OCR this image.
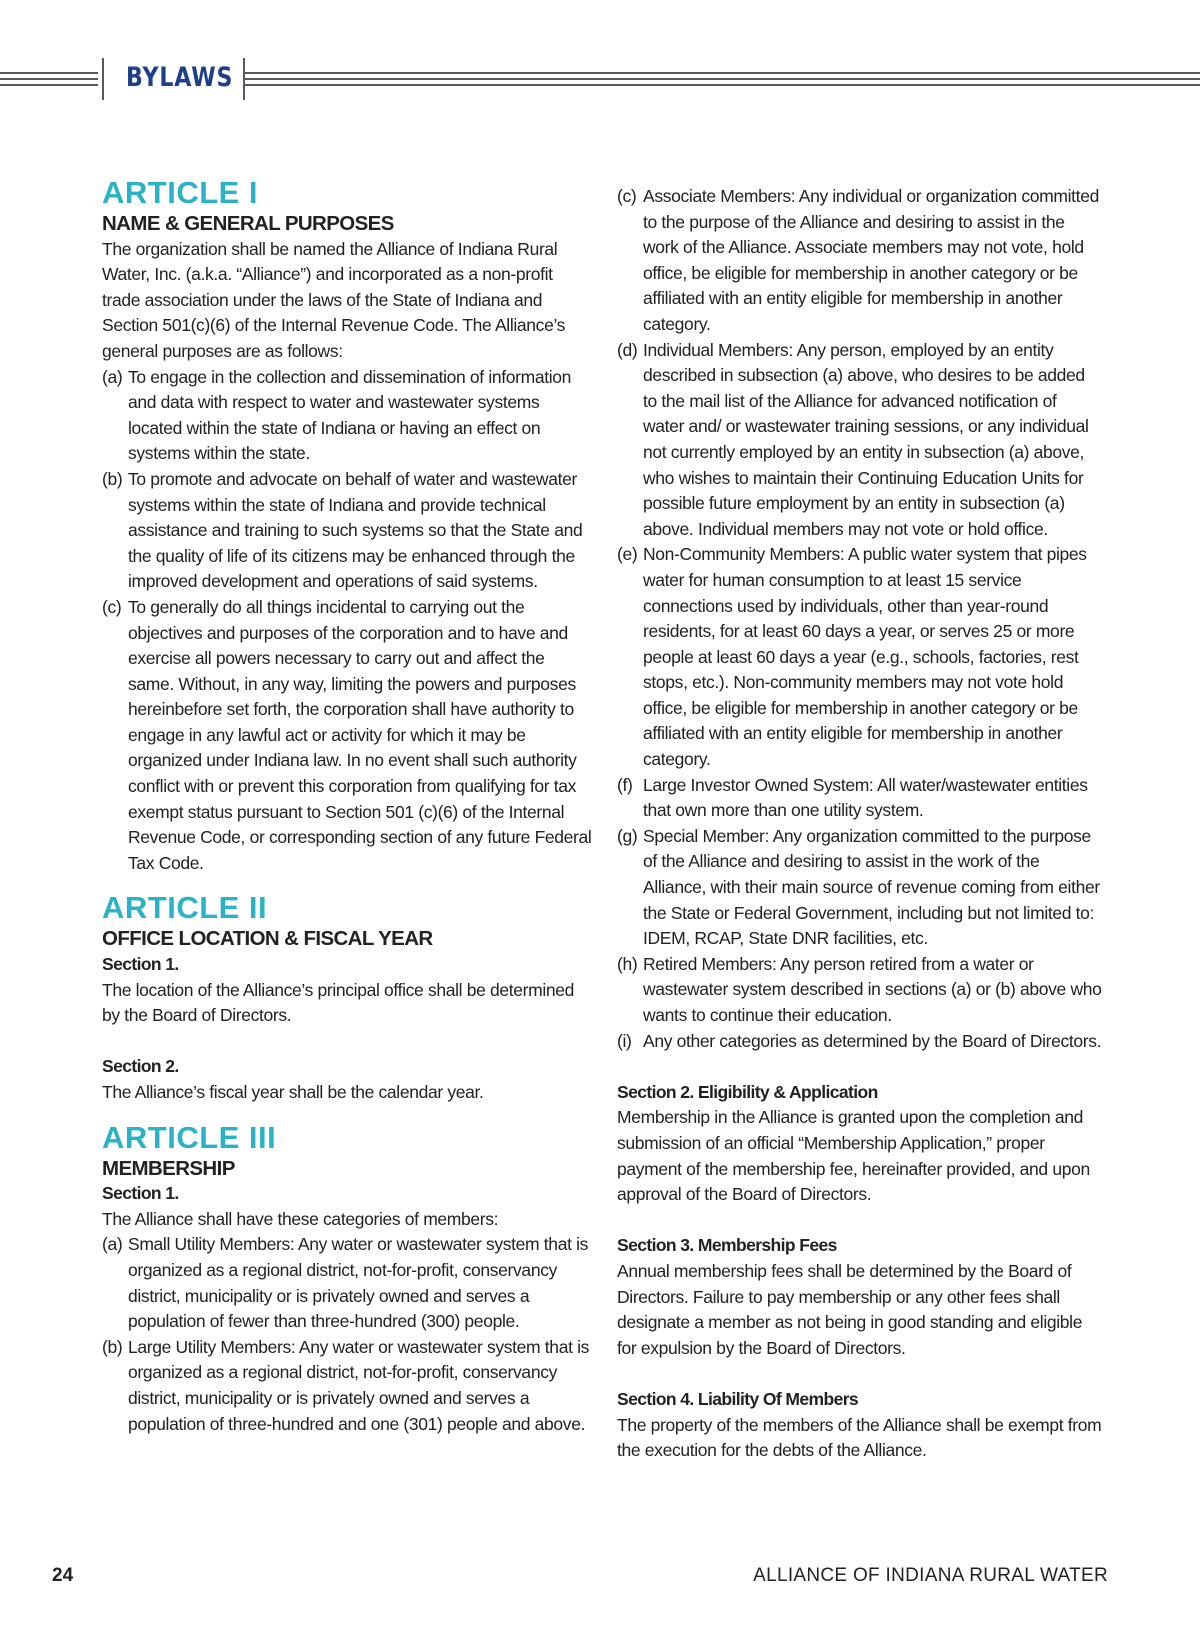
BYLAWS
ARTICLE I
NAME & GENERAL PURPOSES

The organization shall be named the Alliance of Indiana Rural Water, Inc. (a.k.a. “Alliance”) and incorporated as a non-profit trade association under the laws of the State of Indiana and Section 501(c)(6) of the Internal Revenue Code. The Alliance’s general purposes are as follows:

(a) To engage in the collection and dissemination of information and data with respect to water and wastewater systems located within the state of Indiana or having an effect on systems within the state.
(b) To promote and advocate on behalf of water and wastewater systems within the state of Indiana and provide technical assistance and training to such systems so that the State and the quality of life of its citizens may be enhanced through the improved development and operations of said systems.
(c) To generally do all things incidental to carrying out the objectives and purposes of the corporation and to have and exercise all powers necessary to carry out and affect the same. Without, in any way, limiting the powers and purposes hereinbefore set forth, the corporation shall have authority to engage in any lawful act or activity for which it may be organized under Indiana law. In no event shall such authority conflict with or prevent this corporation from qualifying for tax exempt status pursuant to Section 501 (c)(6) of the Internal Revenue Code, or corresponding section of any future Federal Tax Code.
ARTICLE II
OFFICE LOCATION & FISCAL YEAR
Section 1.

The location of the Alliance’s principal office shall be determined by the Board of Directors.

Section 2.

The Alliance’s fiscal year shall be the calendar year.

ARTICLE III
MEMBERSHIP
Section 1.

The Alliance shall have these categories of members:

(a) Small Utility Members: Any water or wastewater system that is organized as a regional district, not-for-profit, conservancy district, municipality or is privately owned and serves a population of fewer than three-hundred (300) people.
(b) Large Utility Members: Any water or wastewater system that is organized as a regional district, not-for-profit, conservancy district, municipality or is privately owned and serves a population of three-hundred and one (301) people and above.
(c) Associate Members: Any individual or organization committed to the purpose of the Alliance and desiring to assist in the work of the Alliance. Associate members may not vote, hold office, be eligible for membership in another category or be affiliated with an entity eligible for membership in another category.
(d) Individual Members: Any person, employed by an entity described in subsection (a) above, who desires to be added to the mail list of the Alliance for advanced notification of water and/ or wastewater training sessions, or any individual not currently employed by an entity in subsection (a) above, who wishes to maintain their Continuing Education Units for possible future employment by an entity in subsection (a) above. Individual members may not vote or hold office.
(e) Non-Community Members: A public water system that pipes water for human consumption to at least 15 service connections used by individuals, other than year-round residents, for at least 60 days a year, or serves 25 or more people at least 60 days a year (e.g., schools, factories, rest stops, etc.). Non-community members may not vote hold office, be eligible for membership in another category or be affiliated with an entity eligible for membership in another category.
(f) Large Investor Owned System: All water/wastewater entities that own more than one utility system.
(g) Special Member: Any organization committed to the purpose of the Alliance and desiring to assist in the work of the Alliance, with their main source of revenue coming from either the State or Federal Government, including but not limited to: IDEM, RCAP, State DNR facilities, etc.
(h) Retired Members: Any person retired from a water or wastewater system described in sections (a) or (b) above who wants to continue their education.
(i) Any other categories as determined by the Board of Directors.
Section 2. Eligibility & Application

Membership in the Alliance is granted upon the completion and submission of an official “Membership Application,” proper payment of the membership fee, hereinafter provided, and upon approval of the Board of Directors.

Section 3. Membership Fees

Annual membership fees shall be determined by the Board of Directors. Failure to pay membership or any other fees shall designate a member as not being in good standing and eligible for expulsion by the Board of Directors.

Section 4. Liability Of Members

The property of the members of the Alliance shall be exempt from the execution for the debts of the Alliance.

24	ALLIANCE OF INDIANA RURAL WATER
